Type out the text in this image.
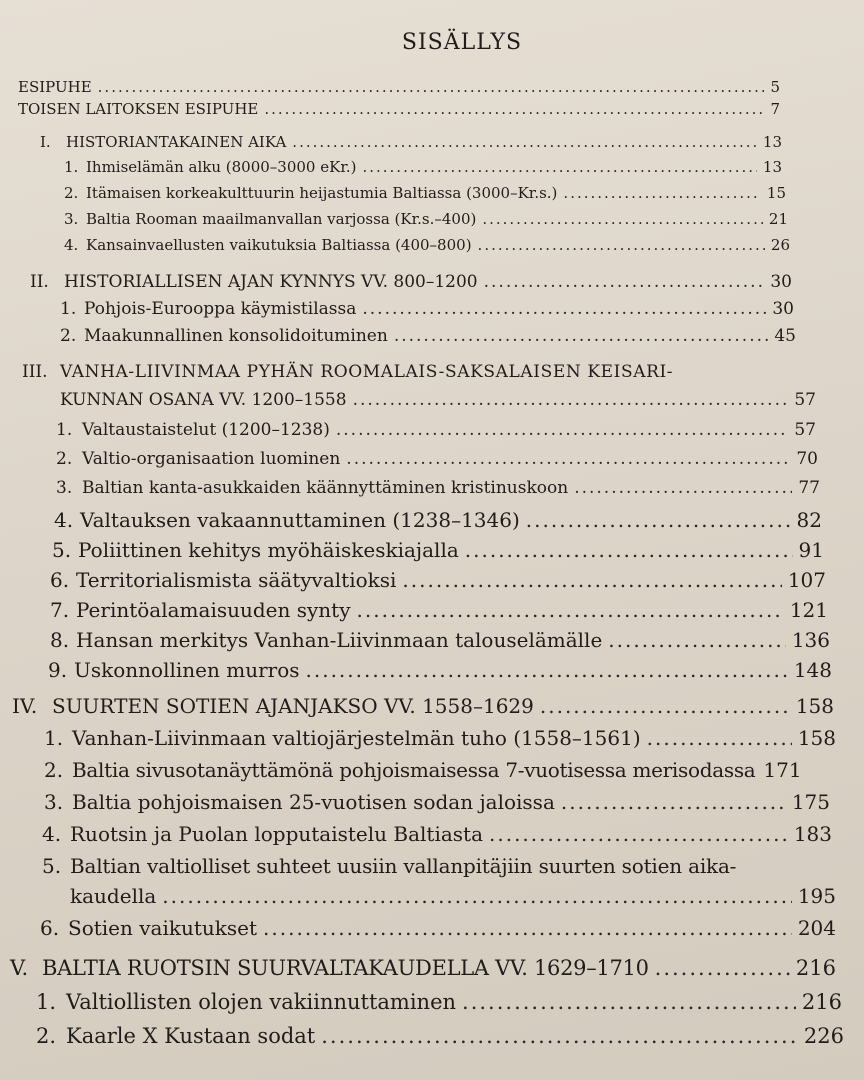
SISÄLLYS
ESIPUHE .....	5
TOISEN LAITOKSEN ESIPUHE .....	7
I.	HISTORIANTAKAINEN AIKA .....	13
1. Ihmiselämän alku (8000–3000 eKr.) .....	13
2. Itämaisen korkeakulttuurin heijastumia Baltiassa (3000–Kr.s.) .....	15
3. Baltia Rooman maailmanvallan varjossa (Kr.s.–400) .....	21
4. Kansainvaellusten vaikutuksia Baltiassa (400–800) .....	26
II. HISTORIALLISEN AJAN KYNNYS VV. 800–1200 .....	30
1. Pohjois-Eurooppa käymistilassa .....	30
2. Maakunnallinen konsolidoituminen .....	45
III. VANHA-LIIVINMAA PYHÄN ROOMALAIS-SAKSALAISEN KEISARI-
KUNNAN OSANA VV. 1200–1558 .....	57
1. Valtaustaistelut (1200–1238) .....	57
2. Valtio-organisaation luominen .....	70
3. Baltian kanta-asukkaiden käännyttäminen kristinuskoon .....	77
4. Valtauksen vakaannuttaminen (1238–1346) .....	82
5. Poliittinen kehitys myöhäiskeskiajalla .....	91
6. Territorialismista säätyvaltioksi .....	107
7. Perintöalamaisuuden synty .....	121
8. Hansan merkitys Vanhan-Liivinmaan talouselämälle .....	136
9. Uskonnollinen murros .....	148
IV. SUURTEN SOTIEN AJANJAKSO VV. 1558–1629 .....	158
1. Vanhan-Liivinmaan valtiojärjestelmän tuho (1558–1561) .....	158
2. Baltia sivusotanäyttämönä pohjoismaisessa 7-vuotisessa merisodassa 171
3. Baltia pohjoismaisen 25-vuotisen sodan jaloissa .....	175
4. Ruotsin ja Puolan lopputaistelu Baltiasta .....	183
5. Baltian valtiolliset suhteet uusiin vallanpitäjiin suurten sotien aika-
kaudella .....	195
6. Sotien vaikutukset .....	204
V. BALTIA RUOTSIN SUURVALTAKAUDELLA VV. 1629–1710 .....	216
1. Valtiollisten olojen vakiinnuttaminen .....	216
2. Kaarle X Kustaan sodat .....	226
